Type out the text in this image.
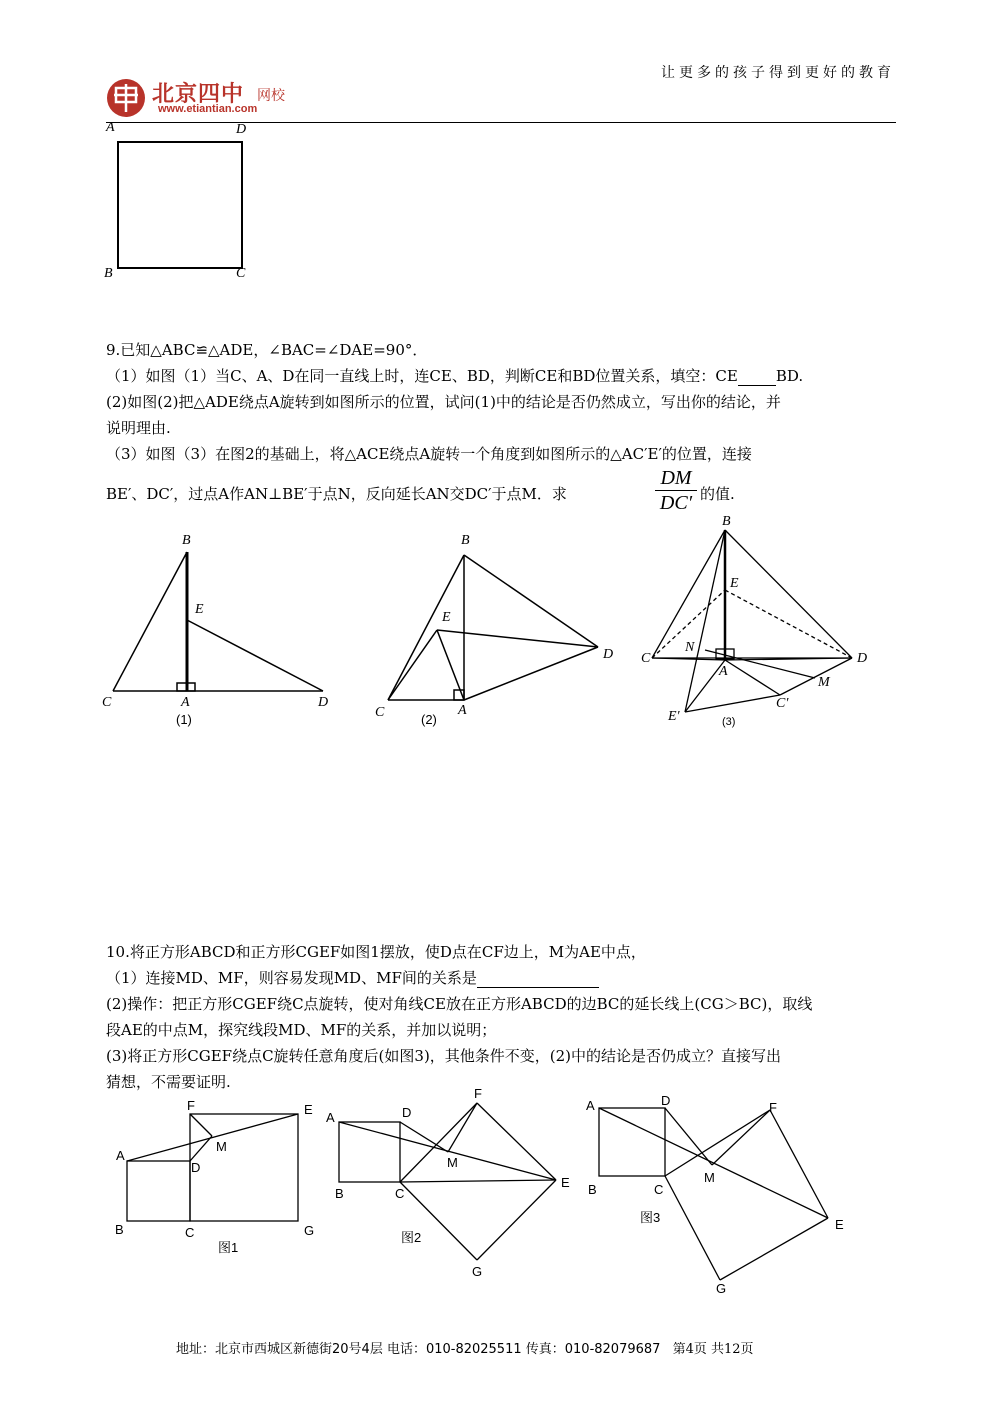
让更多的孩子得到更好的教育
北京四中 网校
www.etiantian.com
A	D
B	C
9.已知△ABC≌△ADE，∠BAC=∠DAE=90°．
（1）如图（1）当C、A、D在同一直线上时，连CE、BD，判断CE和BD位置关系，填空：CE	BD.
(2)如图(2)把△ADE绕点A旋转到如图所示的位置，试问(1)中的结论是否仍然成立，写出你的结论，并
说明理由.
（3）如图（3）在图2的基础上，将△ACE绕点A旋转一个角度到如图所示的△AC′E′的位置，连接
BE′、DC′，过点A作AN⊥BE′于点N，反向延长AN交DC′于点M．求
DM
DC′ 的值.
B
E
C	A	D
(1)
B
E
D
C	A
(2)
B
E
N
C
A
D
M
E′
C′
(3)
10.将正方形ABCD和正方形CGEF如图1摆放，使D点在CF边上，M为AE中点，
（1）连接MD、MF，则容易发现MD、MF间的关系是
(2)操作：把正方形CGEF绕C点旋转，使对角线CE放在正方形ABCD的边BC的延长线上(CG＞BC)，取线
段AE的中点M，探究线段MD、MF的关系，并加以说明；
(3)将正方形CGEF绕点C旋转任意角度后(如图3)，其他条件不变，(2)中的结论是否仍成立？直接写出
猜想，不需要证明.
F	E
A
M
D
B	C	G
图1
A	D
F
M
B	C
E
G
图2
A	D	F
B	C
M
E
G
图3
地址：北京市西城区新德街20号4层 电话：010-82025511 传真：010-82079687 第4页 共12页
